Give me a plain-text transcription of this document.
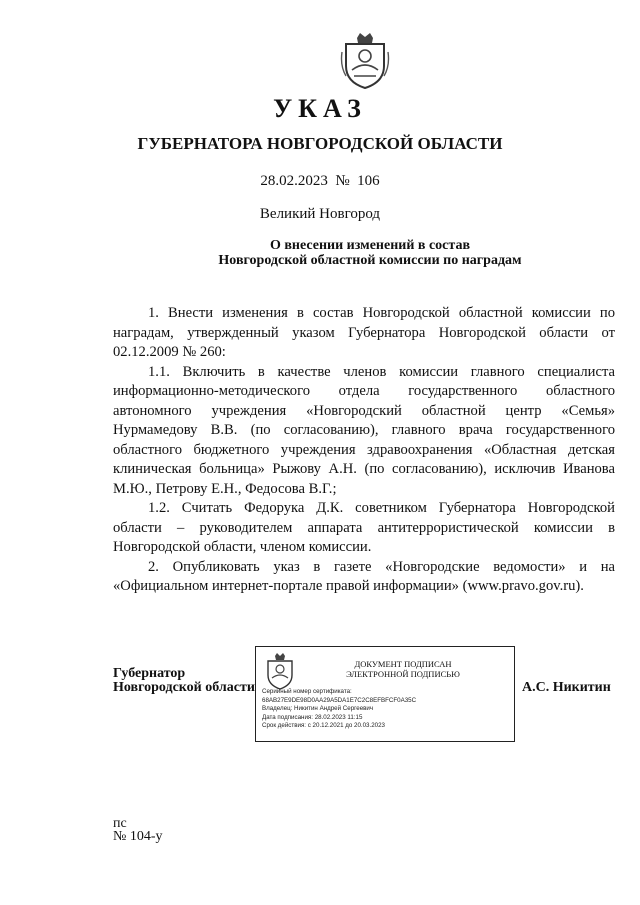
УКАЗ
ГУБЕРНАТОРА НОВГОРОДСКОЙ ОБЛАСТИ
28.02.2023  №  106
Великий Новгород
О внесении изменений в состав
Новгородской областной комиссии по наградам

1. Внести изменения в состав Новгородской областной комиссии по наградам, утвержденный указом Губернатора Новгородской области от 02.12.2009 № 260:

1.1. Включить в качестве членов комиссии главного специалиста информационно-методического отдела государственного областного автономного учреждения «Новгородский областной центр «Семья» Нурмамедову В.В. (по согласованию), главного врача государственного областного бюджетного учреждения здравоохранения «Областная детская клиническая больница» Рыжову А.Н. (по согласованию), исключив Иванова М.Ю., Петрову Е.Н., Федосова В.Г.;

1.2. Считать Федорука Д.К. советником Губернатора Новгородской области – руководителем аппарата антитеррористической комиссии в Новгородской области, членом комиссии.

2. Опубликовать указ в газете «Новгородские ведомости» и на «Официальном интернет-портале правой информации» (www.pravo.gov.ru).

Губернатор
Новгородской области
ДОКУМЕНТ ПОДПИСАН
ЭЛЕКТРОННОЙ ПОДПИСЬЮ
Серийный номер сертификата:
68AB27E9DE98D0AA29A5DA1E7C2C8EFBFCF0A35C
Владелец: Никитин Андрей Сергеевич
Дата подписания: 28.02.2023 11:15
Срок действия: с 20.12.2021 до 20.03.2023
А.С. Никитин
пс
№ 104-у
